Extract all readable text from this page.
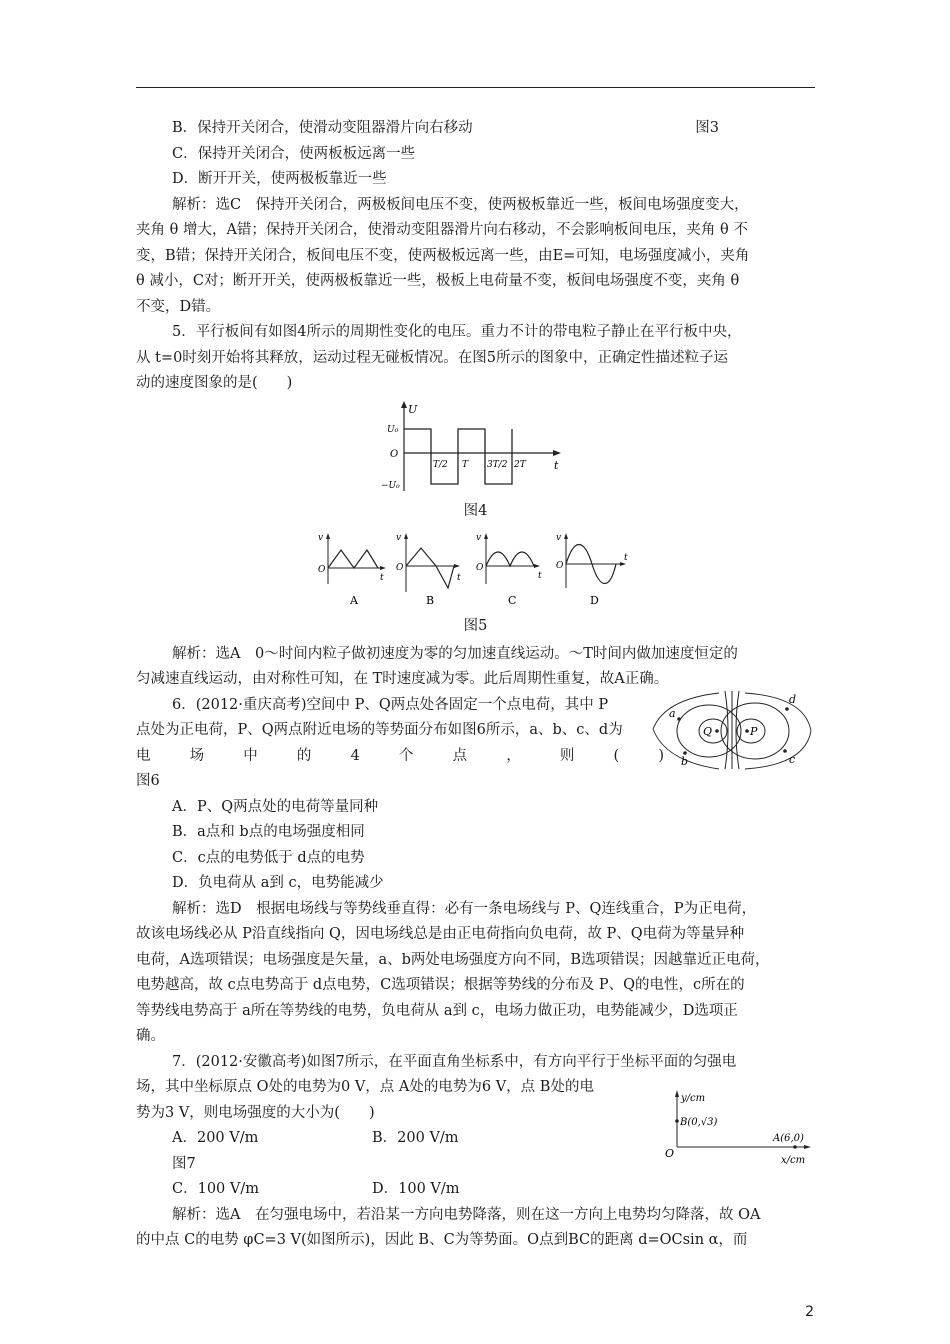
B．保持开关闭合，使滑动变阻器滑片向右移动	图3
C．保持开关闭合，使两板板远离一些
D．断开开关，使两极板靠近一些
解析：选C　保持开关闭合，两极板间电压不变，使两极板靠近一些，板间电场强度变大，
夹角 θ 增大，A错；保持开关闭合，使滑动变阻器滑片向右移动，不会影响板间电压，夹角 θ 不
变，B错；保持开关闭合，板间电压不变，使两极板远离一些，由E=可知，电场强度减小，夹角
θ 减小，C对；断开开关，使两极板靠近一些，极板上电荷量不变，板间电场强度不变，夹角 θ
不变，D错。
5．平行板间有如图4所示的周期性变化的电压。重力不计的带电粒子静止在平行板中央，
从 t=0时刻开始将其释放，运动过程无碰板情况。在图5所示的图象中，正确定性描述粒子运
动的速度图象的是(　　)
U
t
O
U₀
−U₀
T/2 T 3T/2 2T
图4
v
O
t
A
v
O
t
B
v
O
t
C
v
O
t
D
图5
解析：选A　0～时间内粒子做初速度为零的匀加速直线运动。～T时间内做加速度恒定的
匀减速直线运动，由对称性可知，在 T时速度减为零。此后周期性重复，故A正确。
Q	P
a
b	c
d
6．(2012·重庆高考)空间中 P、Q两点处各固定一个点电荷，其中 P
点处为正电荷，P、Q两点附近电场的等势面分布如图6所示，a、b、c、d为
电	场	中	的	4	个	点	，	则	(	)
图6
A．P、Q两点处的电荷等量同种
B．a点和 b点的电场强度相同
C．c点的电势低于 d点的电势
D．负电荷从 a到 c，电势能减少
解析：选D　根据电场线与等势线垂直得：必有一条电场线与 P、Q连线重合，P为正电荷，
故该电场线必从 P沿直线指向 Q，因电场线总是由正电荷指向负电荷，故 P、Q电荷为等量异种
电荷，A选项错误；电场强度是矢量，a、b两处电场强度方向不同，B选项错误；因越靠近正电荷，
电势越高，故 c点电势高于 d点电势，C选项错误；根据等势线的分布及 P、Q的电性，c所在的
等势线电势高于 a所在等势线的电势，负电荷从 a到 c，电场力做正功，电势能减少，D选项正
确。
7．(2012·安徽高考)如图7所示，在平面直角坐标系中，有方向平行于坐标平面的匀强电
y/cm
x/cm
O
B(0,√3)
A(6,0)
场，其中坐标原点 O处的电势为0 V，点 A处的电势为6 V，点 B处的电
势为3 V，则电场强度的大小为(　　)
A．200 V/m	B．200 V/m
图7
C．100 V/m	D．100 V/m
解析：选A　在匀强电场中，若沿某一方向电势降落，则在这一方向上电势均匀降落，故 OA
的中点 C的电势 φC=3 V(如图所示)，因此 B、C为等势面。O点到BC的距离 d=OCsin α，而
2
